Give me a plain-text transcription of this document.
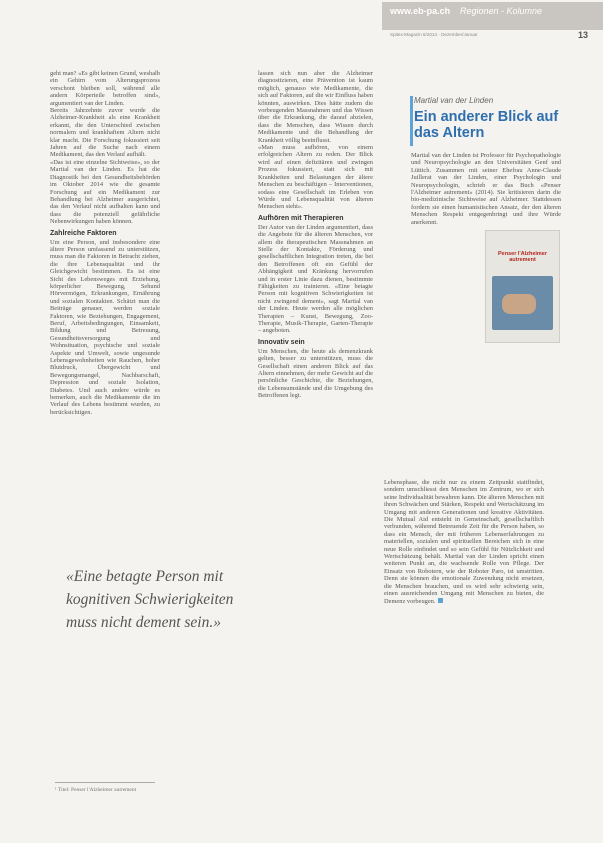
www.eb-pa.ch Regionen - Kolumne
Spitex-Magazin 6/2014 · Dezember/Januar	13

geht man? «Es gibt keinen Grund, weshalb ein Gehirn vom Alterungsprozess verschont bleiben soll, während alle andern Körperteile betroffen sind», argumentiert van der Linden.

Bereits Jahrzehnte zuvor wurde die Alzheimer-Krankheit als eine Krankheit erkannt, die den Unterschied zwischen normalem und krankhaftem Altern nicht klar macht. Die Forschung fokussiert seit Jahren auf die Suche nach einem Medikament, das den Verlauf aufhält.

«Das ist eine einzelne Sichtweise», so der Martial van der Linden. Es hat die Diagnostik bei den Gesundheitsbehörden im Oktober 2014 wie die gesamte Forschung auf ein Medikament zur Behandlung bei Alzheimer ausgerichtet, das den Verlauf nicht aufhalten kann und dass die potenziell gefährliche Nebenwirkungen haben können.

Zahlreiche Faktoren

Um eine Person, und insbesondere eine ältere Person umfassend zu unterstützen, muss man die Faktoren in Betracht ziehen, die ihre Lebensqualität und ihr Gleichgewicht bestimmen. Es ist eine Sicht des Lebensweges mit Erziehung, körperlicher Bewegung, Sehund Hörvermögen, Erkrankungen, Ernährung und sozialen Kontakten. Schätzt man die Beiträge genauer, werden soziale Faktoren, wie Beziehungen, Engagement, Beruf, Arbeitsbedingungen, Einsamkeit, Bildung und Betreuung, Gesundheitsversorgung und Wohnsituation, psychische und soziale Aspekte und Umwelt, sowie ungesunde Lebensgewohnheiten wie Rauchen, hoher Blutdruck, Übergewicht und Bewegungsmangel, Nachbarschaft, Depression und soziale Isolation, Diabetes. Und auch andere würde es bemerken, auch die Medikamente die im Verlauf des Lebens bestimmt wurden, zu berücksichtigen.

«Eine betagte Person mit kognitiven Schwierigkeiten muss nicht dement sein.»
¹ Titel: Penser l'Alzheimer autrement

lassen sich nun aber die Alzheimer diagnostizieren, eine Prävention ist kaum möglich, genauso wie Medikamente, die sich auf Faktoren, auf die wir Einfluss haben könnten, auswirken. Dies hätte zudem die vorbeugenden Massnahmen und das Wissen über die Erkrankung, die darauf abzielen, dass die Menschen, dass Wissen durch Medikamente und die Behandlung der Krankheit völlig beeinflusst.

«Man muss aufhören, von einem erfolgreichen Altern zu reden. Der Blick wird auf einen defizitären und zwingen Prozess fokussiert, statt sich mit Krankheiten und Belastungen der ältere Menschen zu beschäftigen – Interventionen, sodass eine Gesellschaft im Erleben von Würde und Lebensqualität von älteren Menschen steht».

Aufhören mit Therapieren

Der Autor van der Linden argumentiert, dass die Angebote für die älteren Menschen, vor allem die therapeutischen Massnahmen an Stelle der Kontakte, Förderung und gesellschaftlichen Integration treten, die bei den Betroffenen oft ein Gefühl der Abhängigkeit und Kränkung hervorrufen und in erster Linie dazu dienen, bestimmte Fähigkeiten zu trainieren. «Eine betagte Person mit kognitiven Schwierigkeiten ist nicht zwingend dement», sagt Martial van der Linden. Heute werden alle möglichen Therapien – Kunst, Bewegung, Zoo-Therapie, Musik-Therapie, Garten-Therapie – angeboten.

Innovativ sein

Um Menschen, die heute als demenzkrank gelten, besser zu unterstützen, muss die Gesellschaft einen anderen Blick auf das Altern einnehmen, der mehr Gewicht auf die persönliche Geschichte, die Beziehungen, die Lebensumstände und die Umgebung des Betroffenen legt.

Martial van der Linden
Ein anderer Blick auf das Altern
Martial van der Linden ist Professor für Psychopathologie und Neuropsychologie an den Universitäten Genf und Lüttich. Zusammen mit seiner Ehefrau Anne-Claude Juillerat van der Linden, einer Psychologin und Neuropsychologin, schrieb er das Buch «Penser l'Alzheimer autrement» (2014). Sie kritisieren darin die bio-medizinische Sichtweise auf Alzheimer. Stattdessen fordern sie einen humanistischen Ansatz, der den älteren Menschen Respekt entgegenbringt und ihre Würde anerkennt.
Penser l'Alzheimer autrement
Lebensphase, die nicht nur zu einem Zeitpunkt stattfindet, sondern umschliesst den Menschen im Zentrum, wo er sich seine Individualität bewahren kann. Die älteren Menschen mit ihren Schwächen und Stärken, Respekt und Wertschätzung im Umgang mit anderen Generationen und kreative Aktivitäten. Die Mutual Aid entsteht in Gemeinschaft, gesellschaftlich verbunden, während Betreuende Zeit für die Person haben, so dass ein Mensch, der mit früheren Lebenserfahrungen zu materiellen, sozialen und spirituellen Bereichen sich in eine neue Rolle einfindet und so sein Gefühl für Nützlichkeit und Wertschätzung behält. Martial van der Linden spricht einen weiteren Punkt an, die wachsende Rolle von Pflege. Der Einsatz von Robotern, wie der Roboter Paro, ist umstritten. Denn sie können die emotionale Zuwendung nicht ersetzen, die Menschen brauchen, und es wird sehr schwierig sein, einen ausreichenden Umgang mit Menschen zu bieten, die Demenz vorbeugen.
